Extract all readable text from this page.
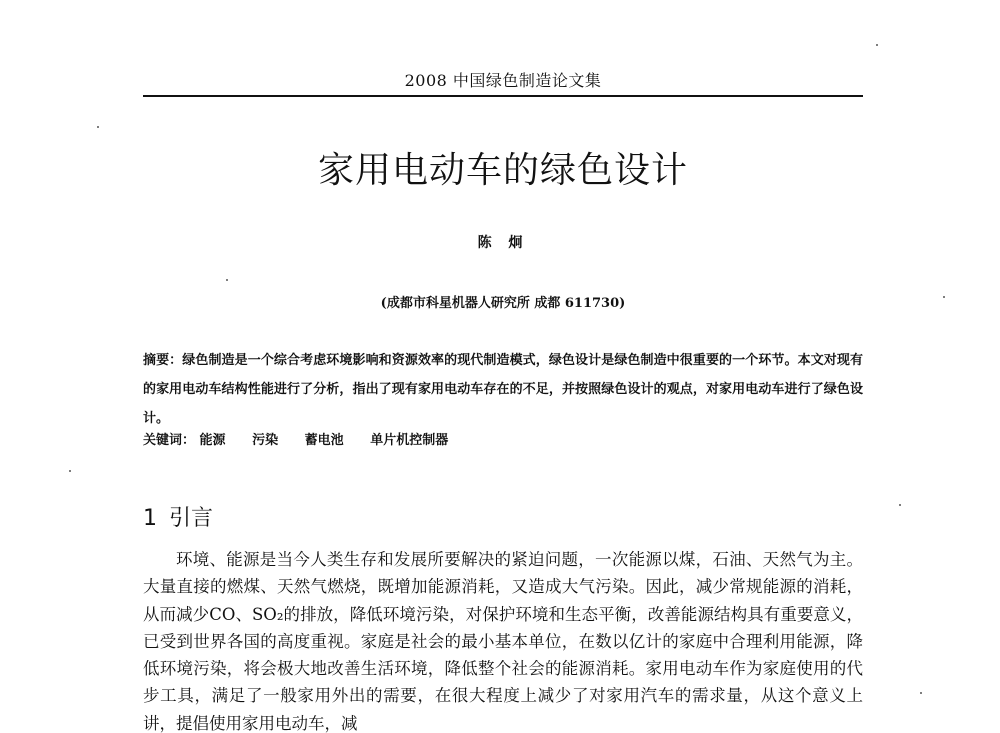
2008 中国绿色制造论文集
家用电动车的绿色设计
陈 炯
(成都市科星机器人研究所 成都 611730)
摘要：绿色制造是一个综合考虑环境影响和资源效率的现代制造模式，绿色设计是绿色制造中很重要的一个环节。本文对现有的家用电动车结构性能进行了分析，指出了现有家用电动车存在的不足，并按照绿色设计的观点，对家用电动车进行了绿色设计。
关键词： 能源 污染 蓄电池 单片机控制器
1 引言
环境、能源是当今人类生存和发展所要解决的紧迫问题，一次能源以煤，石油、天然气为主。大量直接的燃煤、天然气燃烧，既增加能源消耗，又造成大气污染。因此，减少常规能源的消耗，从而减少CO、SO₂的排放，降低环境污染，对保护环境和生态平衡，改善能源结构具有重要意义，已受到世界各国的高度重视。家庭是社会的最小基本单位，在数以亿计的家庭中合理利用能源，降低环境污染，将会极大地改善生活环境，降低整个社会的能源消耗。家用电动车作为家庭使用的代步工具，满足了一般家用外出的需要，在很大程度上减少了对家用汽车的需求量，从这个意义上讲，提倡使用家用电动车，减
